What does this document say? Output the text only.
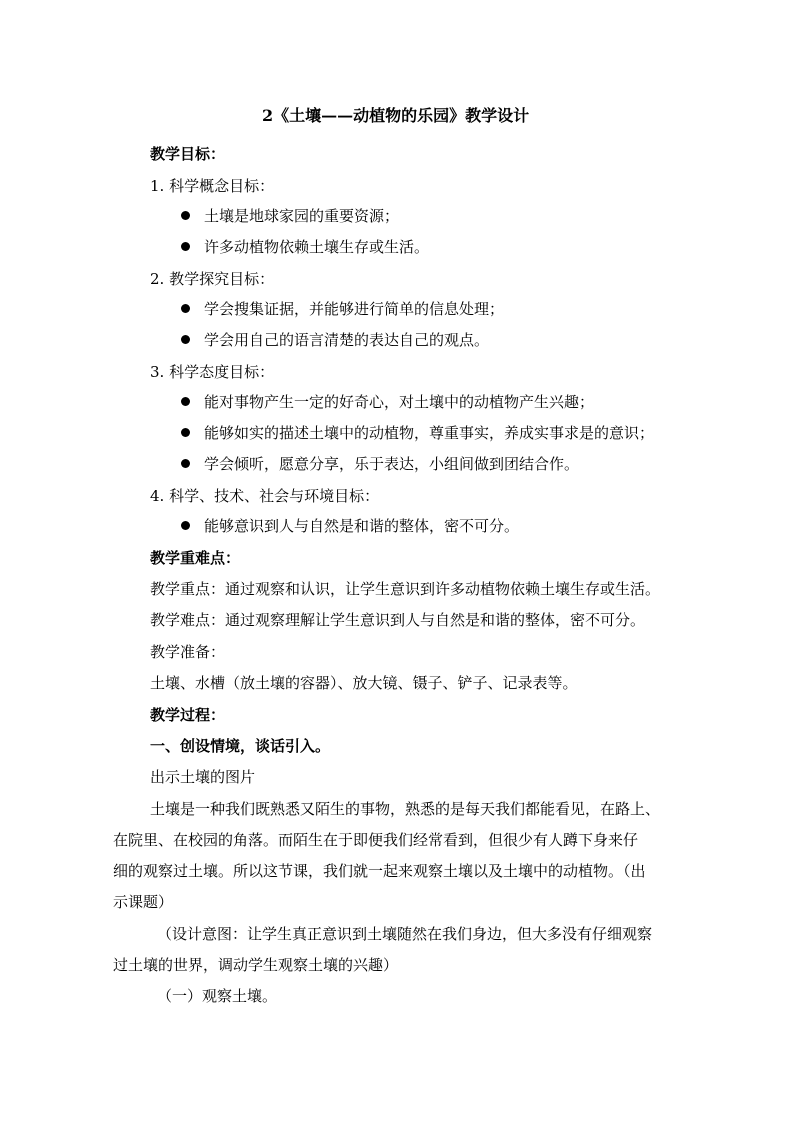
2《土壤——动植物的乐园》教学设计
教学目标：
1. 科学概念目标：
土壤是地球家园的重要资源；
许多动植物依赖土壤生存或生活。
2. 教学探究目标：
学会搜集证据，并能够进行简单的信息处理；
学会用自己的语言清楚的表达自己的观点。
3. 科学态度目标：
能对事物产生一定的好奇心，对土壤中的动植物产生兴趣；
能够如实的描述土壤中的动植物，尊重事实，养成实事求是的意识；
学会倾听，愿意分享，乐于表达，小组间做到团结合作。
4. 科学、技术、社会与环境目标：
能够意识到人与自然是和谐的整体，密不可分。
教学重难点：
教学重点：通过观察和认识，让学生意识到许多动植物依赖土壤生存或生活。
教学难点：通过观察理解让学生意识到人与自然是和谐的整体，密不可分。
教学准备：
土壤、水槽（放土壤的容器）、放大镜、镊子、铲子、记录表等。
教学过程：
一、创设情境，谈话引入。
出示土壤的图片
土壤是一种我们既熟悉又陌生的事物，熟悉的是每天我们都能看见，在路上、
在院里、在校园的角落。而陌生在于即便我们经常看到，但很少有人蹲下身来仔
细的观察过土壤。所以这节课，我们就一起来观察土壤以及土壤中的动植物。（出
示课题）
（设计意图：让学生真正意识到土壤随然在我们身边，但大多没有仔细观察
过土壤的世界，调动学生观察土壤的兴趣）
（一）观察土壤。
